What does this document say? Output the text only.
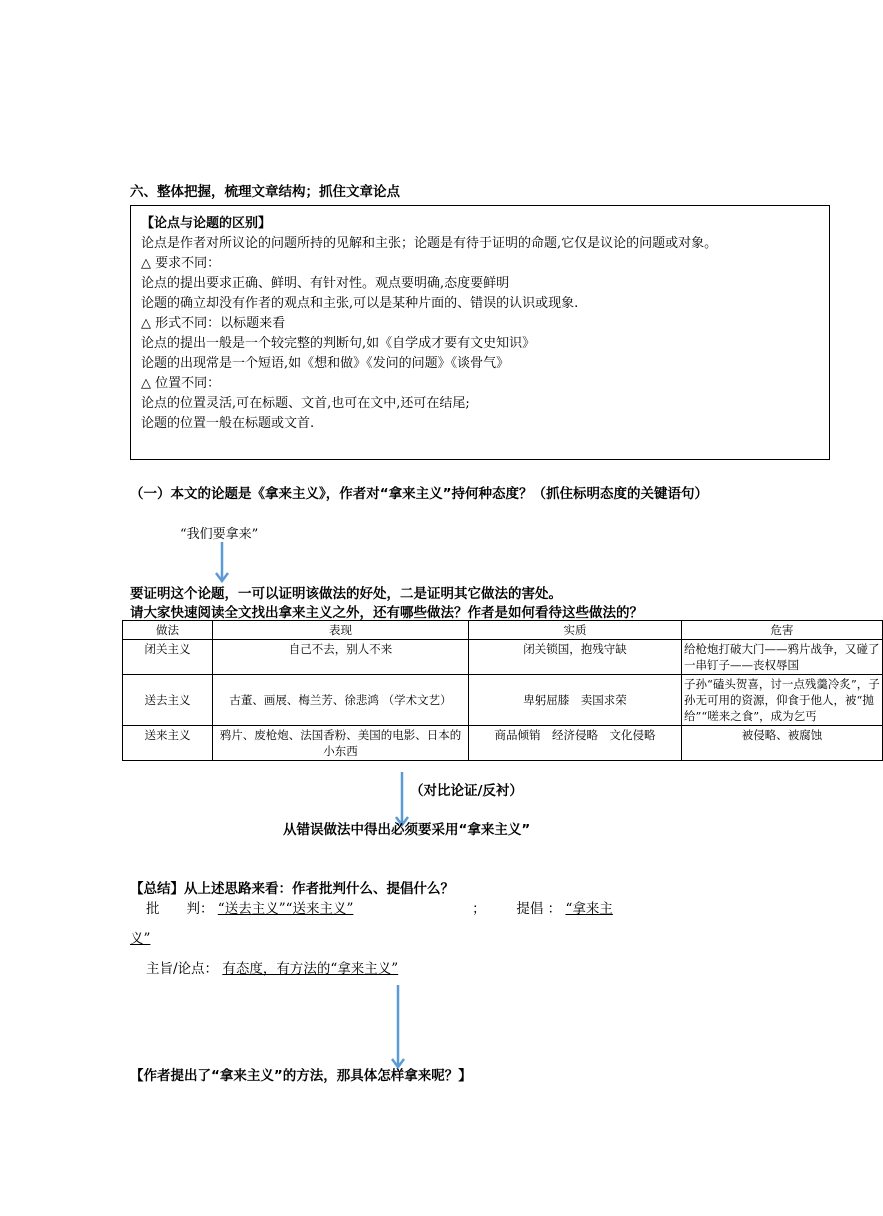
六、整体把握，梳理文章结构；抓住文章论点
【论点与论题的区别】
论点是作者对所议论的问题所持的见解和主张；论题是有待于证明的命题,它仅是议论的问题或对象。
△ 要求不同：
论点的提出要求正确、鲜明、有针对性。观点要明确,态度要鲜明
论题的确立却没有作者的观点和主张,可以是某种片面的、错误的认识或现象.
△ 形式不同：以标题来看
论点的提出一般是一个较完整的判断句,如《自学成才要有文史知识》
论题的出现常是一个短语,如《想和做》《发问的问题》《谈骨气》
△ 位置不同：
论点的位置灵活,可在标题、文首,也可在文中,还可在结尾;
论题的位置一般在标题或文首.
（一）本文的论题是《拿来主义》，作者对“拿来主义”持何种态度？（抓住标明态度的关键语句）
“我们要拿来”
要证明这个论题，一可以证明该做法的好处，二是证明其它做法的害处。
请大家快速阅读全文找出拿来主义之外，还有哪些做法？作者是如何看待这些做法的？
做法	表现	实质	危害
闭关主义	自己不去，别人不来	闭关锁国，抱残守缺	给枪炮打破大门——鸦片战争，又碰了一串钉子——丧权辱国
送去主义	古董、画展、梅兰芳、徐悲鸿 （学术文艺）	卑躬屈膝　卖国求荣	子孙“磕头贺喜，讨一点残羹冷炙”，子孙无可用的资源，仰食于他人，被“抛给”“嗟来之食”，成为乞丐
送来主义	鸦片、废枪炮、法国香粉、美国的电影、日本的小东西	商品倾销　经济侵略　文化侵略	被侵略、被腐蚀
（对比论证/反衬）
从错误做法中得出必须要采用“拿来主义”
【总结】从上述思路来看：作者批判什么、提倡什么？
批　　判： “送去主义”“送来主义”	； 提倡 ： “拿来主
义”
主旨/论点： 有态度，有方法的“拿来主义”
【作者提出了“拿来主义”的方法，那具体怎样拿来呢？】
